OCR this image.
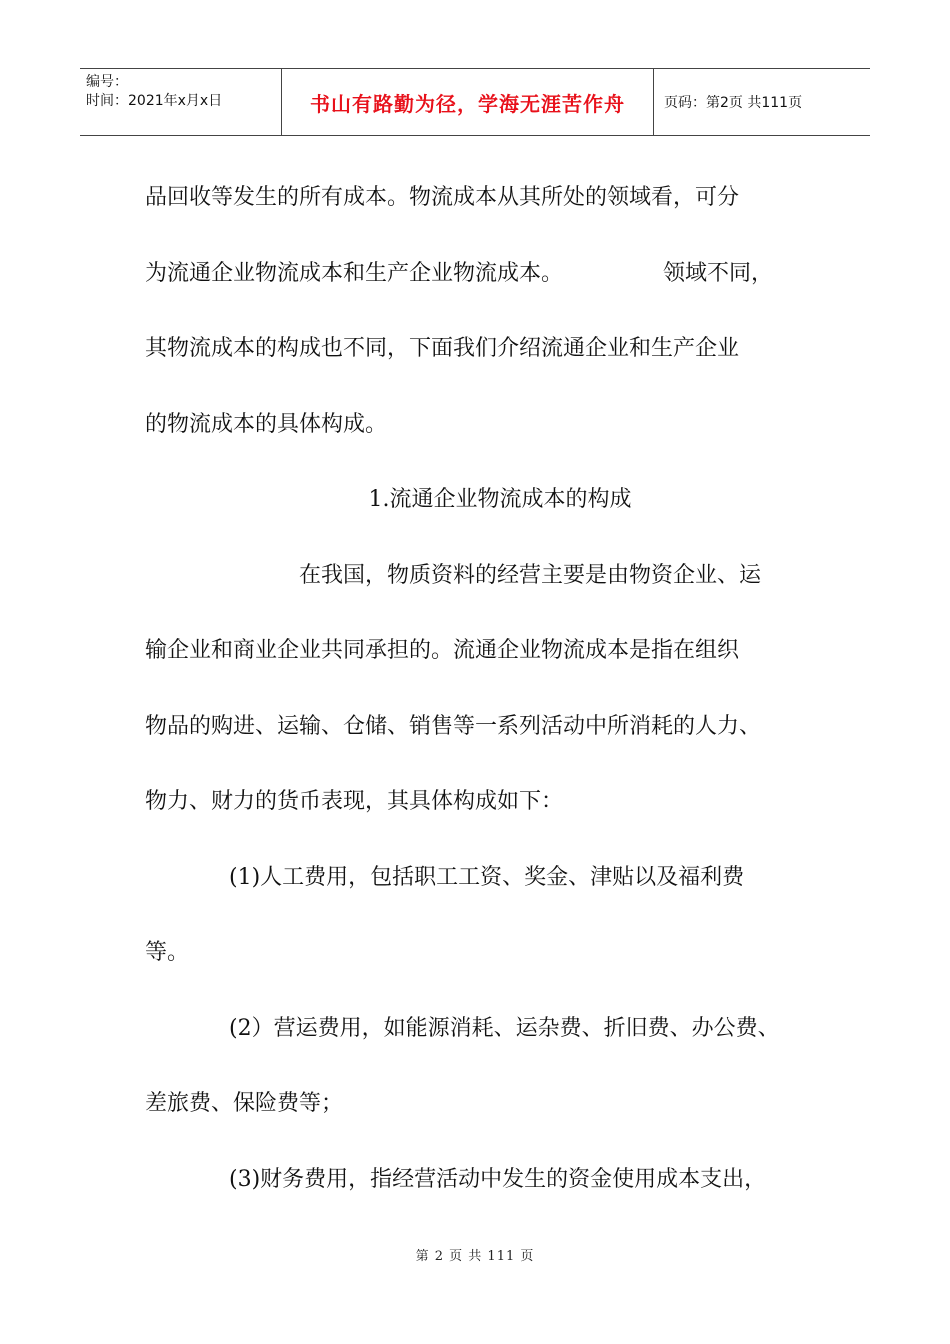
编号：
时间：2021年x月x日	书山有路勤为径，学海无涯苦作舟	页码：第2页 共111页

品回收等发生的所有成本。物流成本从其所处的领域看，可分

为流通企业物流成本和生产企业物流成本。	领域不同，

其物流成本的构成也不同，下面我们介绍流通企业和生产企业

的物流成本的具体构成。

1.流通企业物流成本的构成

在我国，物质资料的经营主要是由物资企业、运

输企业和商业企业共同承担的。流通企业物流成本是指在组织

物品的购进、运输、仓储、销售等一系列活动中所消耗的人力、

物力、财力的货币表现，其具体构成如下：

(1)人工费用，包括职工工资、奖金、津贴以及福利费

等。

(2）营运费用，如能源消耗、运杂费、折旧费、办公费、

差旅费、保险费等；

(3)财务费用，指经营活动中发生的资金使用成本支出，

第 2 页 共 111 页
